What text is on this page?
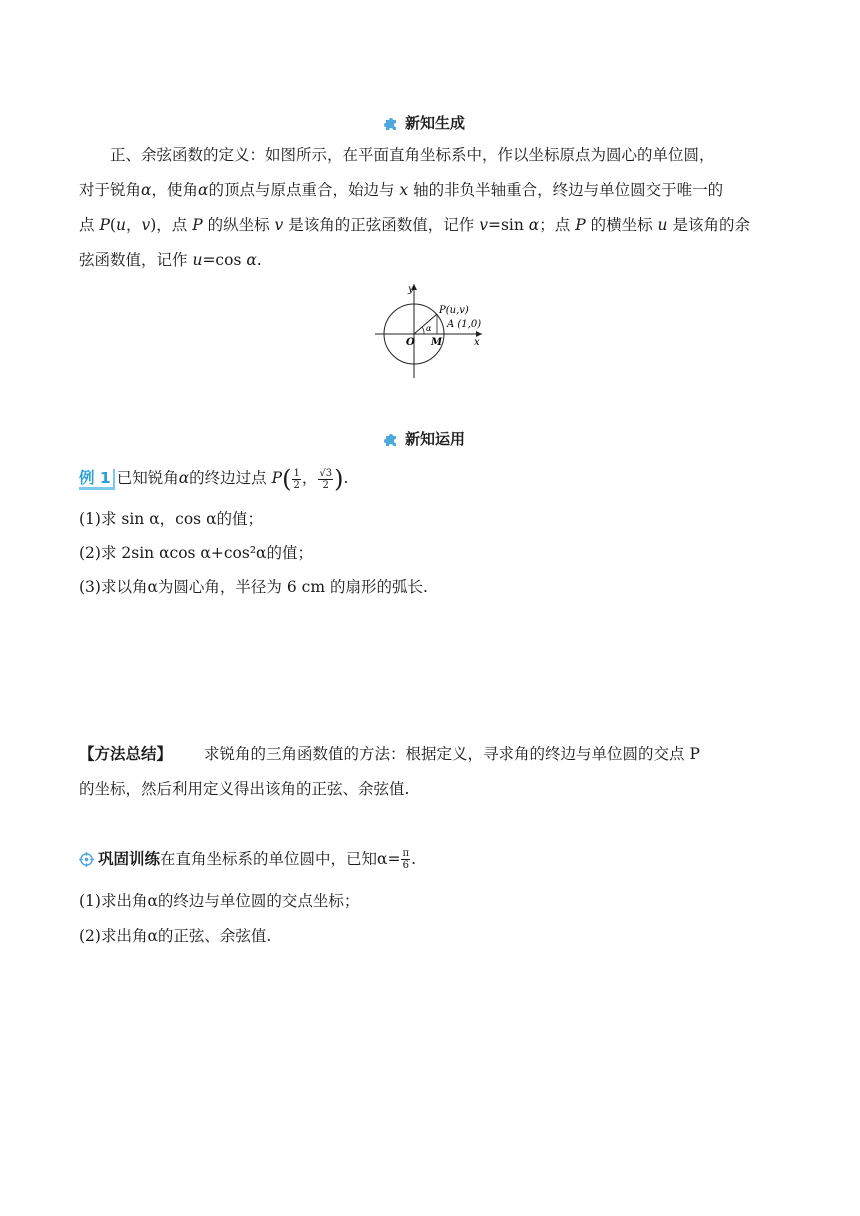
新知生成
正、余弦函数的定义：如图所示，在平面直角坐标系中，作以坐标原点为圆心的单位圆，
对于锐角α，使角α的顶点与原点重合，始边与 x 轴的非负半轴重合，终边与单位圆交于唯一的
点 P(u，v)，点 P 的纵坐标 v 是该角的正弦函数值，记作 v=sin α；点 P 的横坐标 u 是该角的余
弦函数值，记作 u=cos α.
y
x
O M
P(u,v)
A (1,0)
α
新知运用
例 1 已知锐角α的终边过点 $P( \frac{1}{2}$ ， $\frac{√3}{2}$ ).
(1)求 sin α，cos α的值；
(2)求 2sin αcos α+cos²α的值；
(3)求以角α为圆心角，半径为 6 cm 的扇形的弧长.
【方法总结】 求锐角的三角函数值的方法：根据定义，寻求角的终边与单位圆的交点 P
的坐标，然后利用定义得出该角的正弦、余弦值.
巩固训练 在直角坐标系的单位圆中，已知$\alpha= \frac{\pi}{6}$ .
(1)求出角α的终边与单位圆的交点坐标；
(2)求出角α的正弦、余弦值.
